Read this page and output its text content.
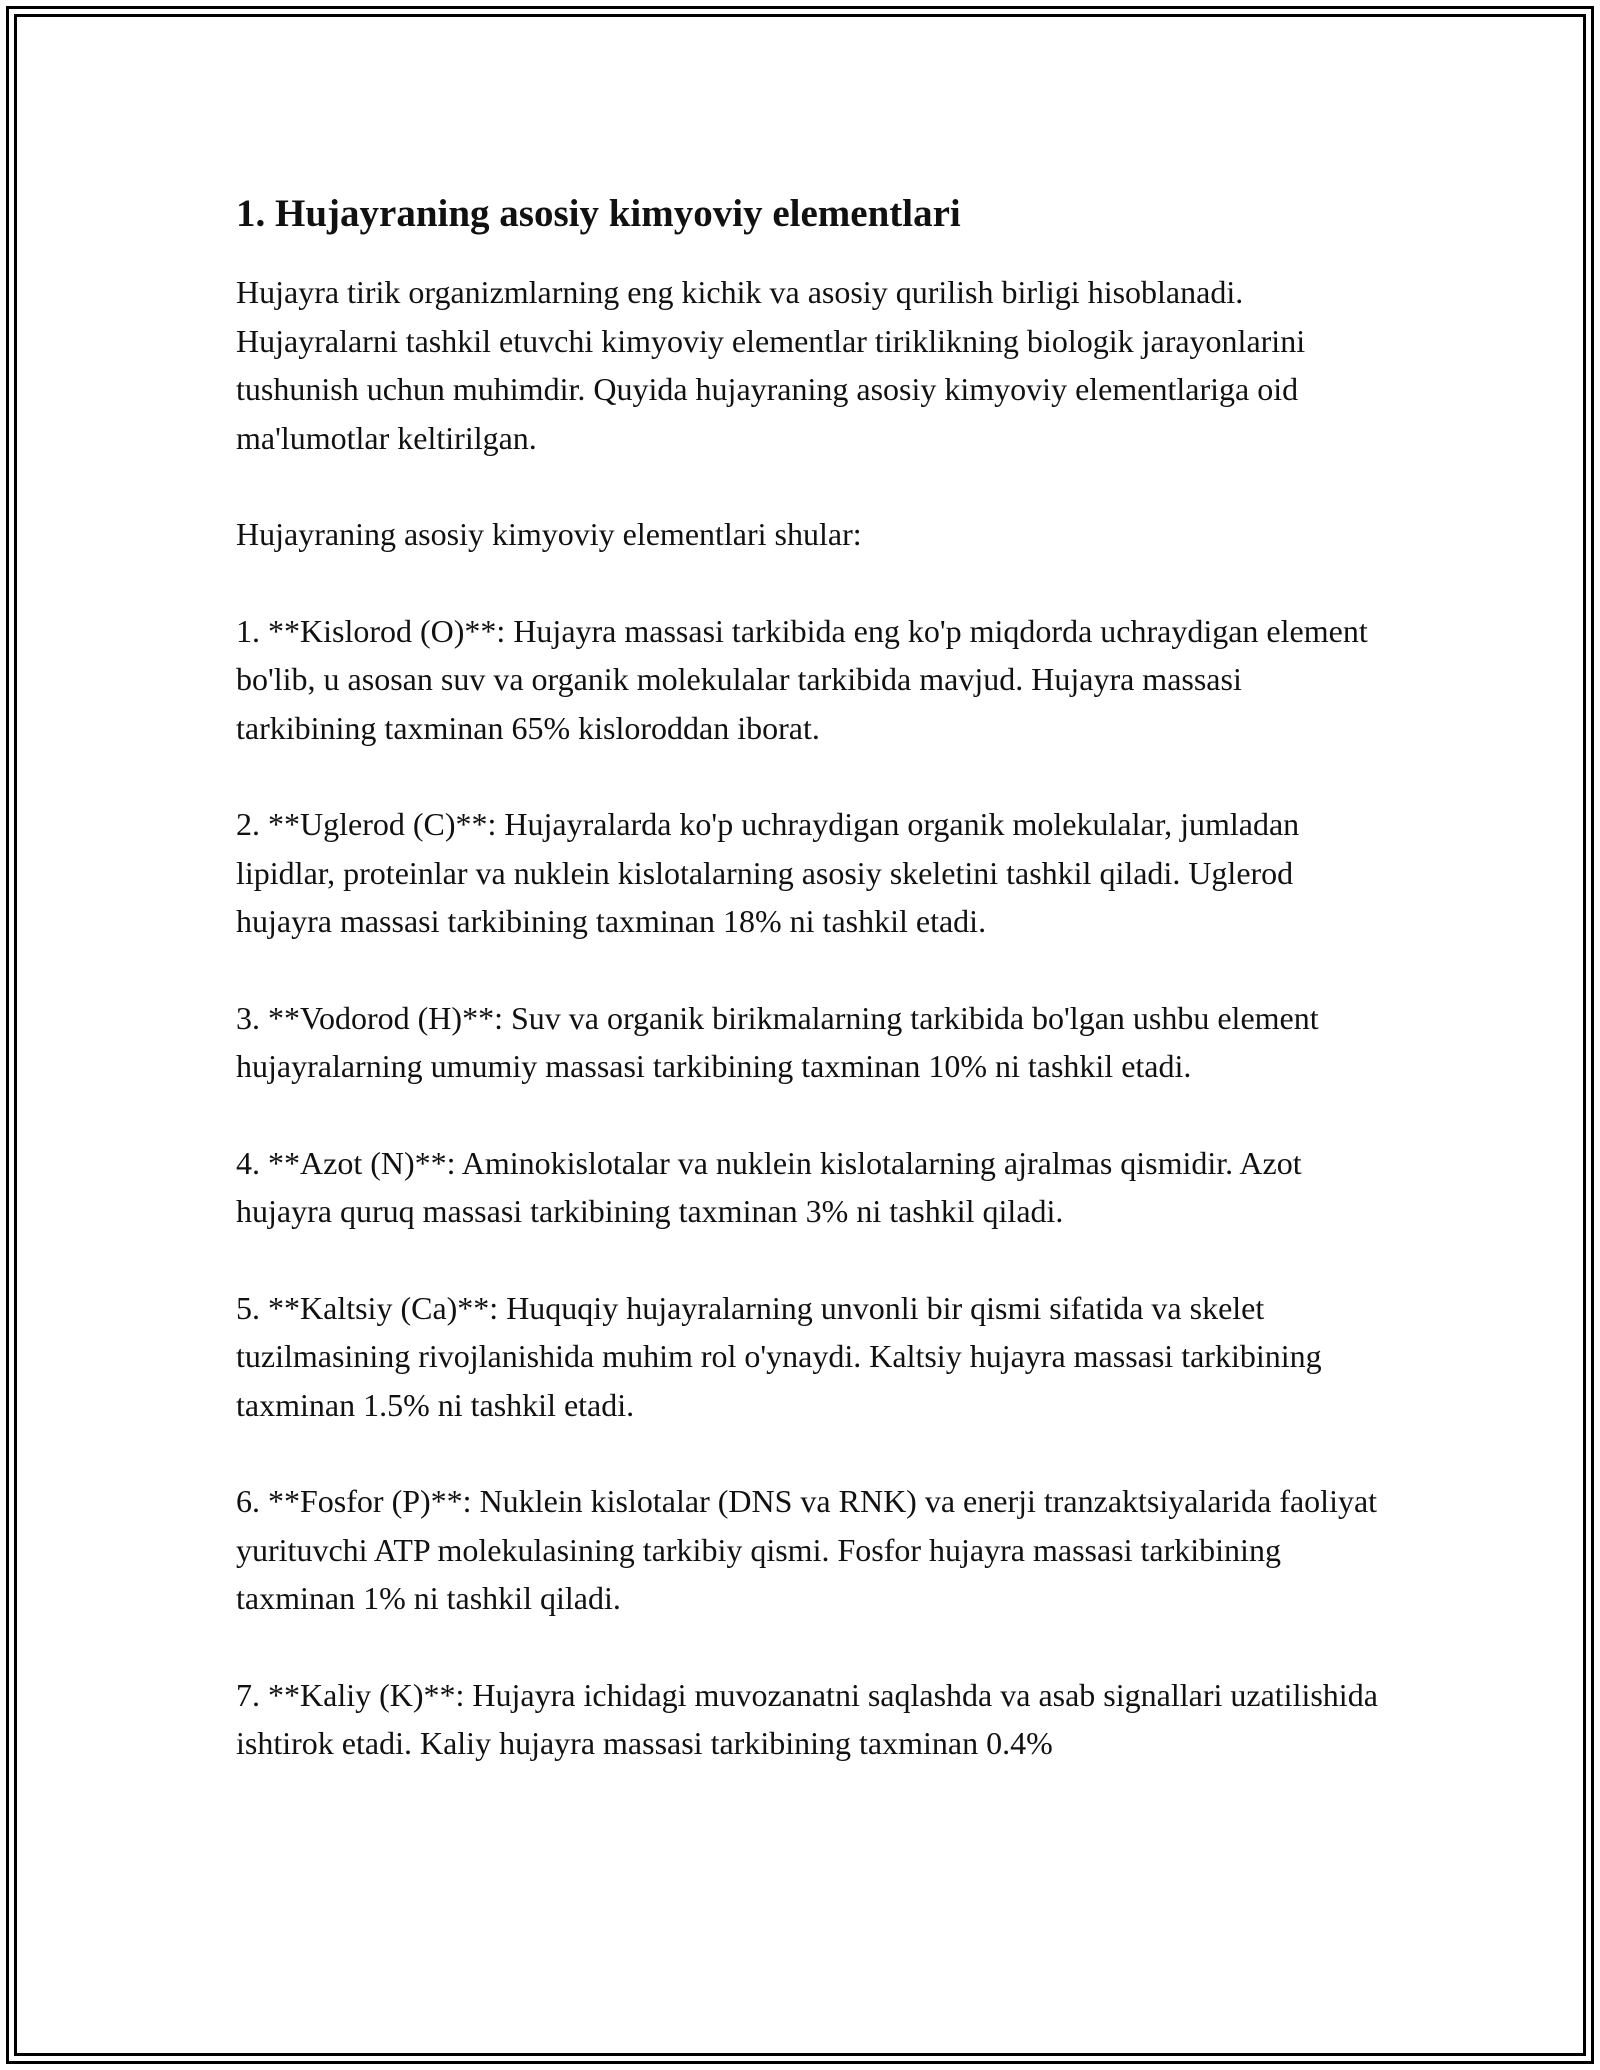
1. Hujayraning asosiy kimyoviy elementlari

Hujayra tirik organizmlarning eng kichik va asosiy qurilish birligi hisoblanadi. Hujayralarni tashkil etuvchi kimyoviy elementlar tiriklikning biologik jarayonlarini tushunish uchun muhimdir. Quyida hujayraning asosiy kimyoviy elementlariga oid ma'lumotlar keltirilgan.

Hujayraning asosiy kimyoviy elementlari shular:

1. **Kislorod (O)**: Hujayra massasi tarkibida eng ko'p miqdorda uchraydigan element bo'lib, u asosan suv va organik molekulalar tarkibida mavjud. Hujayra massasi tarkibining taxminan 65% kisloroddan iborat.

2. **Uglerod (C)**: Hujayralarda ko'p uchraydigan organik molekulalar, jumladan lipidlar, proteinlar va nuklein kislotalarning asosiy skeletini tashkil qiladi. Uglerod hujayra massasi tarkibining taxminan 18% ni tashkil etadi.

3. **Vodorod (H)**: Suv va organik birikmalarning tarkibida bo'lgan ushbu element hujayralarning umumiy massasi tarkibining taxminan 10% ni tashkil etadi.

4. **Azot (N)**: Aminokislotalar va nuklein kislotalarning ajralmas qismidir. Azot hujayra quruq massasi tarkibining taxminan 3% ni tashkil qiladi.

5. **Kaltsiy (Ca)**: Huquqiy hujayralarning unvonli bir qismi sifatida va skelet tuzilmasining rivojlanishida muhim rol o'ynaydi. Kaltsiy hujayra massasi tarkibining taxminan 1.5% ni tashkil etadi.

6. **Fosfor (P)**: Nuklein kislotalar (DNS va RNK) va enerji tranzaktsiyalarida faoliyat yurituvchi ATP molekulasining tarkibiy qismi. Fosfor hujayra massasi tarkibining taxminan 1% ni tashkil qiladi.

7. **Kaliy (K)**: Hujayra ichidagi muvozanatni saqlashda va asab signallari uzatilishida ishtirok etadi. Kaliy hujayra massasi tarkibining taxminan 0.4%
